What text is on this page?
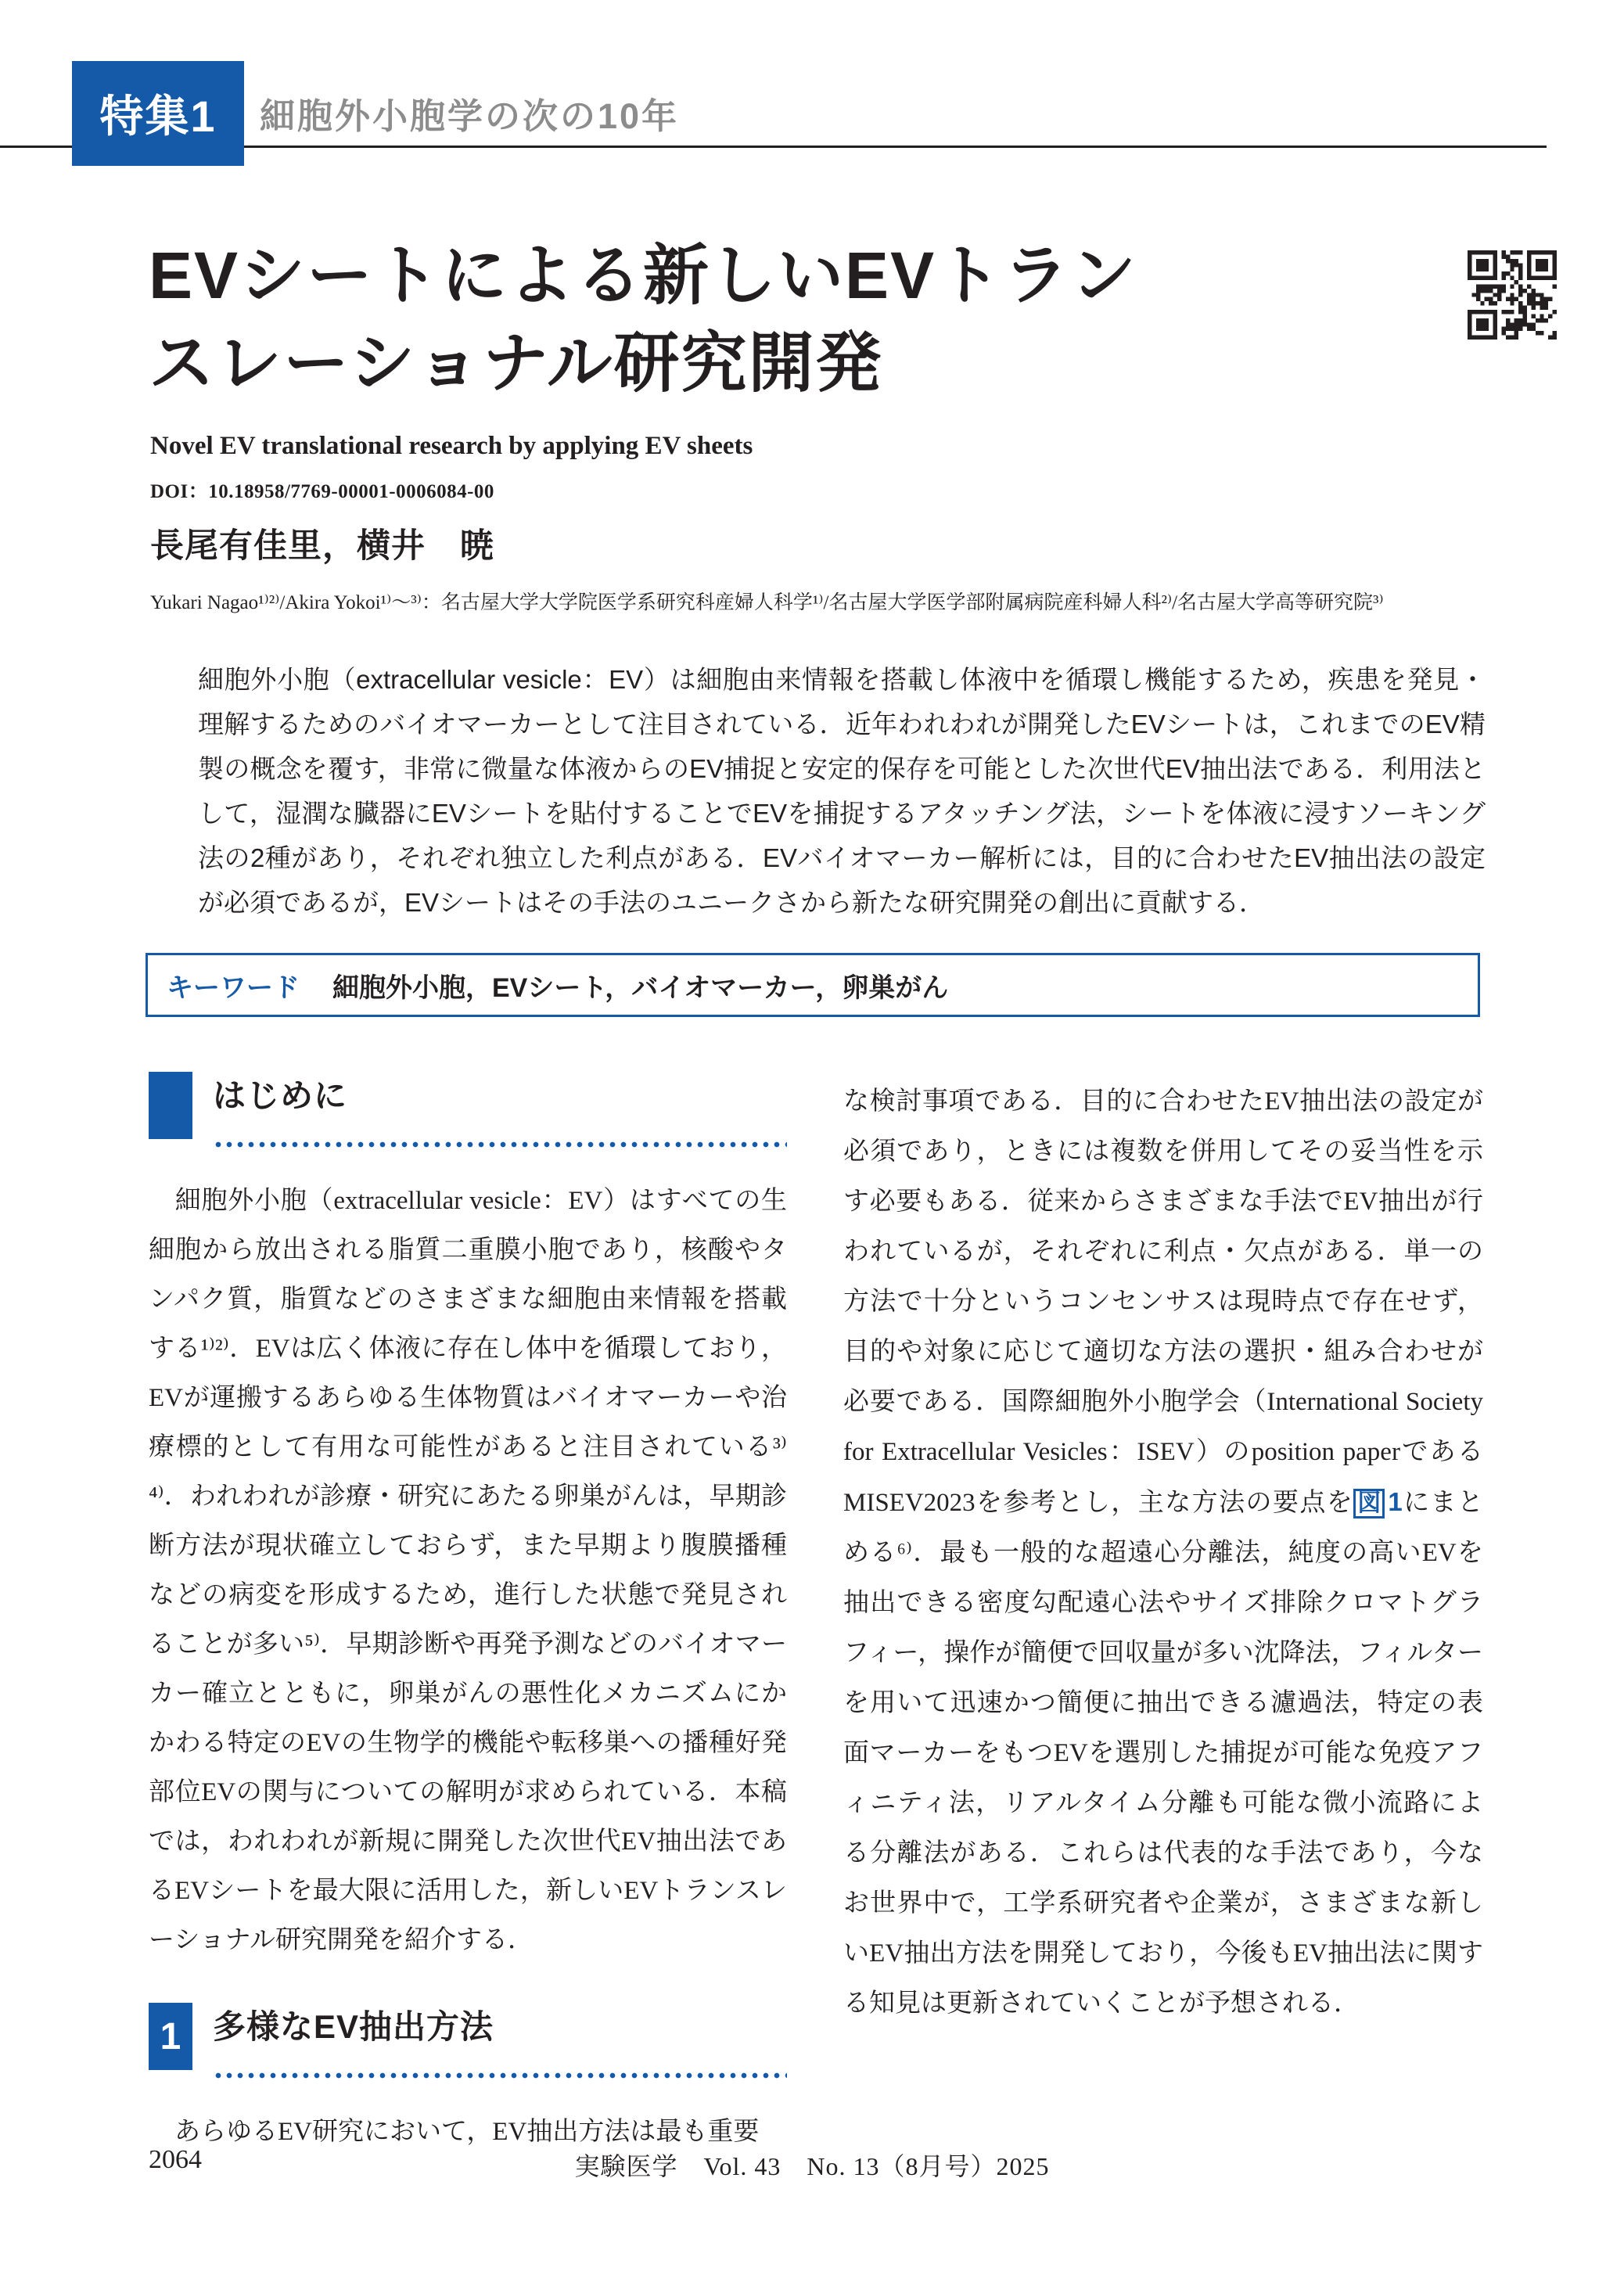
特集1 細胞外小胞学の次の10年
EVシートによる新しいEVトラン
スレーショナル研究開発
Novel EV translational research by applying EV sheets
DOI：10.18958/7769-00001-0006084-00
長尾有佳里，横井　暁
Yukari Nagao¹⁾²⁾/Akira Yokoi¹⁾～³⁾：名古屋大学大学院医学系研究科産婦人科学¹⁾/名古屋大学医学部附属病院産科婦人科²⁾/名古屋大学高等研究院³⁾
細胞外小胞（extracellular vesicle：EV）は細胞由来情報を搭載し体液中を循環し機能するため，疾患を発見・理解するためのバイオマーカーとして注目されている．近年われわれが開発したEVシートは，これまでのEV精製の概念を覆す，非常に微量な体液からのEV捕捉と安定的保存を可能とした次世代EV抽出法である．利用法として，湿潤な臓器にEVシートを貼付することでEVを捕捉するアタッチング法，シートを体液に浸すソーキング法の2種があり，それぞれ独立した利点がある．EVバイオマーカー解析には，目的に合わせたEV抽出法の設定が必須であるが，EVシートはその手法のユニークさから新たな研究開発の創出に貢献する．
キーワード 細胞外小胞，EVシート，バイオマーカー，卵巣がん
はじめに

　細胞外小胞（extracellular vesicle：EV）はすべての生細胞から放出される脂質二重膜小胞であり，核酸やタンパク質，脂質などのさまざまな細胞由来情報を搭載する¹⁾²⁾．EVは広く体液に存在し体中を循環しており，EVが運搬するあらゆる生体物質はバイオマーカーや治療標的として有用な可能性があると注目されている³⁾⁴⁾．われわれが診療・研究にあたる卵巣がんは，早期診断方法が現状確立しておらず，また早期より腹膜播種などの病変を形成するため，進行した状態で発見されることが多い⁵⁾．早期診断や再発予測などのバイオマーカー確立とともに，卵巣がんの悪性化メカニズムにかかわる特定のEVの生物学的機能や転移巣への播種好発部位EVの関与についての解明が求められている．本稿では，われわれが新規に開発した次世代EV抽出法であるEVシートを最大限に活用した，新しいEVトランスレーショナル研究開発を紹介する．

1 多様なEV抽出方法

　あらゆるEV研究において，EV抽出方法は最も重要

な検討事項である．目的に合わせたEV抽出法の設定が必須であり，ときには複数を併用してその妥当性を示す必要もある．従来からさまざまな手法でEV抽出が行われているが，それぞれに利点・欠点がある．単一の方法で十分というコンセンサスは現時点で存在せず，目的や対象に応じて適切な方法の選択・組み合わせが必要である．国際細胞外小胞学会（International Society for Extracellular Vesicles：ISEV）のposition paperであるMISEV2023を参考とし，主な方法の要点を 図 1にまとめる⁶⁾．最も一般的な超遠心分離法，純度の高いEVを抽出できる密度勾配遠心法やサイズ排除クロマトグラフィー，操作が簡便で回収量が多い沈降法，フィルターを用いて迅速かつ簡便に抽出できる濾過法，特定の表面マーカーをもつEVを選別した捕捉が可能な免疫アフィニティ法，リアルタイム分離も可能な微小流路による分離法がある．これらは代表的な手法であり，今なお世界中で，工学系研究者や企業が，さまざまな新しいEV抽出方法を開発しており，今後もEV抽出法に関する知見は更新されていくことが予想される．

2064	実験医学　Vol. 43　No. 13（8月号）2025
